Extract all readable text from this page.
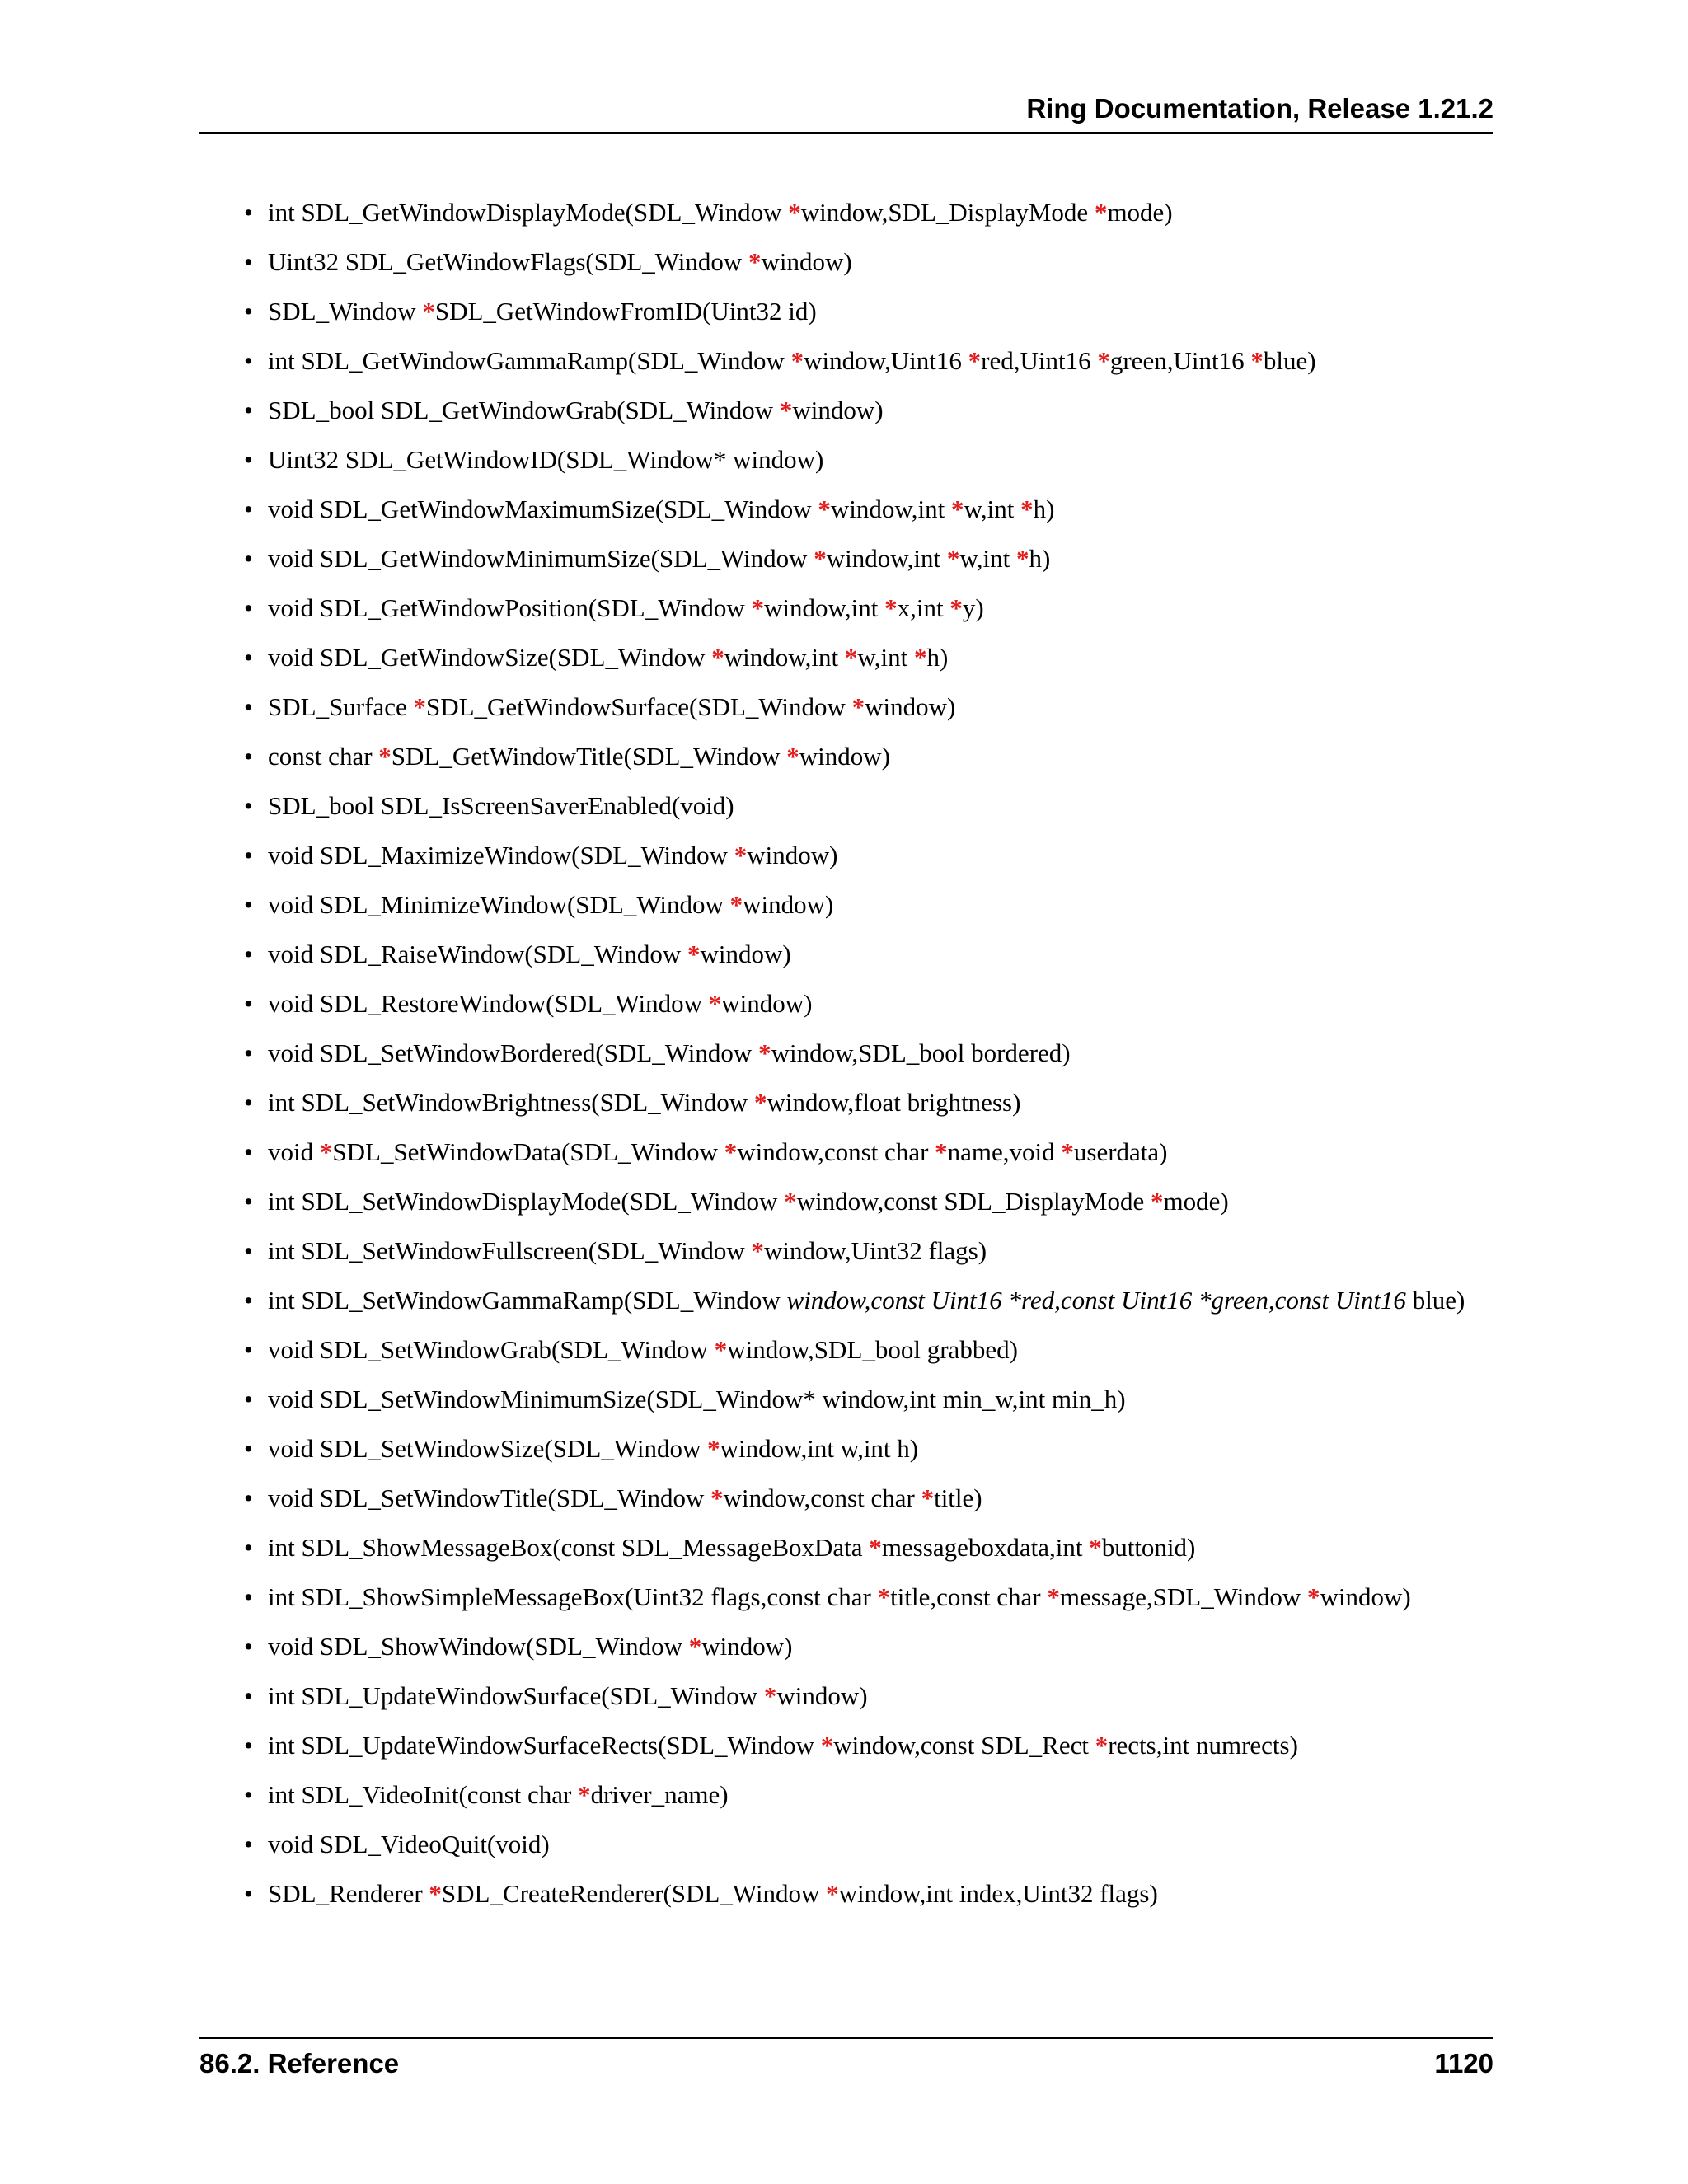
Ring Documentation, Release 1.21.2
• int SDL_GetWindowDisplayMode(SDL_Window *window,SDL_DisplayMode *mode)
• Uint32 SDL_GetWindowFlags(SDL_Window *window)
• SDL_Window *SDL_GetWindowFromID(Uint32 id)
• int SDL_GetWindowGammaRamp(SDL_Window *window,Uint16 *red,Uint16 *green,Uint16 *blue)
• SDL_bool SDL_GetWindowGrab(SDL_Window *window)
• Uint32 SDL_GetWindowID(SDL_Window* window)
• void SDL_GetWindowMaximumSize(SDL_Window *window,int *w,int *h)
• void SDL_GetWindowMinimumSize(SDL_Window *window,int *w,int *h)
• void SDL_GetWindowPosition(SDL_Window *window,int *x,int *y)
• void SDL_GetWindowSize(SDL_Window *window,int *w,int *h)
• SDL_Surface *SDL_GetWindowSurface(SDL_Window *window)
• const char *SDL_GetWindowTitle(SDL_Window *window)
• SDL_bool SDL_IsScreenSaverEnabled(void)
• void SDL_MaximizeWindow(SDL_Window *window)
• void SDL_MinimizeWindow(SDL_Window *window)
• void SDL_RaiseWindow(SDL_Window *window)
• void SDL_RestoreWindow(SDL_Window *window)
• void SDL_SetWindowBordered(SDL_Window *window,SDL_bool bordered)
• int SDL_SetWindowBrightness(SDL_Window *window,float brightness)
• void *SDL_SetWindowData(SDL_Window *window,const char *name,void *userdata)
• int SDL_SetWindowDisplayMode(SDL_Window *window,const SDL_DisplayMode *mode)
• int SDL_SetWindowFullscreen(SDL_Window *window,Uint32 flags)
• int SDL_SetWindowGammaRamp(SDL_Window window,const Uint16 *red,const Uint16 *green,const Uint16 blue)
• void SDL_SetWindowGrab(SDL_Window *window,SDL_bool grabbed)
• void SDL_SetWindowMinimumSize(SDL_Window* window,int min_w,int min_h)
• void SDL_SetWindowSize(SDL_Window *window,int w,int h)
• void SDL_SetWindowTitle(SDL_Window *window,const char *title)
• int SDL_ShowMessageBox(const SDL_MessageBoxData *messageboxdata,int *buttonid)
• int SDL_ShowSimpleMessageBox(Uint32 flags,const char *title,const char *message,SDL_Window *window)
• void SDL_ShowWindow(SDL_Window *window)
• int SDL_UpdateWindowSurface(SDL_Window *window)
• int SDL_UpdateWindowSurfaceRects(SDL_Window *window,const SDL_Rect *rects,int numrects)
• int SDL_VideoInit(const char *driver_name)
• void SDL_VideoQuit(void)
• SDL_Renderer *SDL_CreateRenderer(SDL_Window *window,int index,Uint32 flags)
86.2. Reference	1120
